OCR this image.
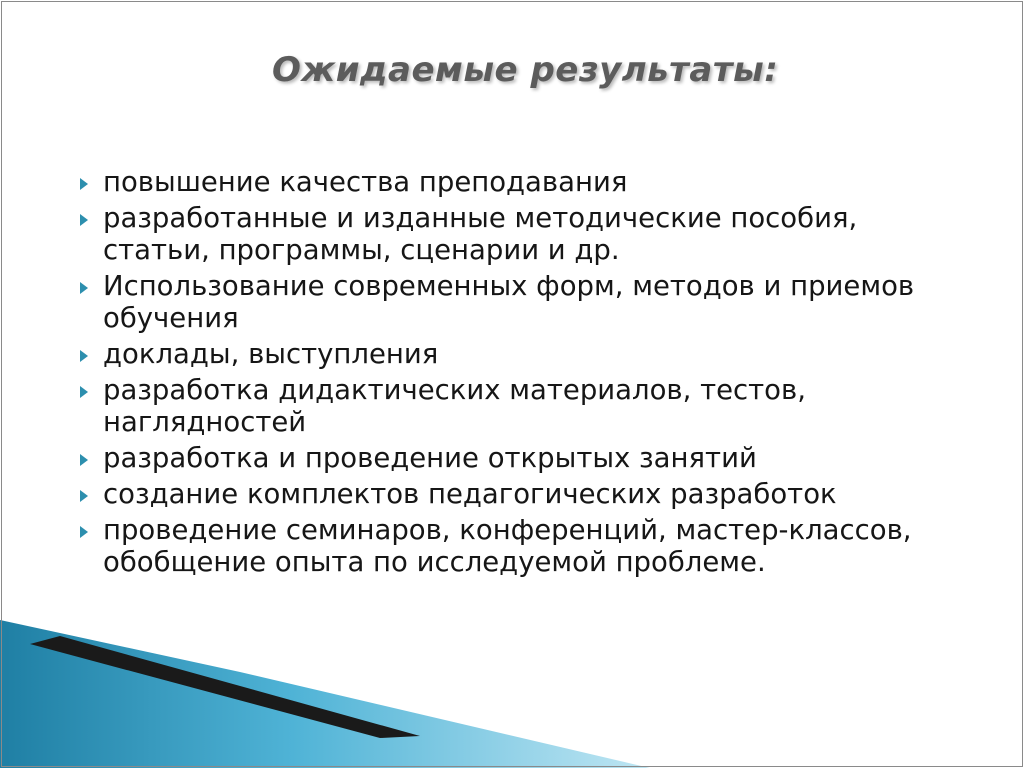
Ожидаемые результаты:
повышение качества преподавания
разработанные и изданные методические пособия, статьи, программы, сценарии и др.
Использование современных форм, методов и приемов обучения
доклады, выступления
разработка дидактических материалов, тестов, наглядностей
разработка и проведение открытых занятий
создание комплектов педагогических разработок
проведение семинаров, конференций, мастер-классов, обобщение опыта по исследуемой проблеме.
